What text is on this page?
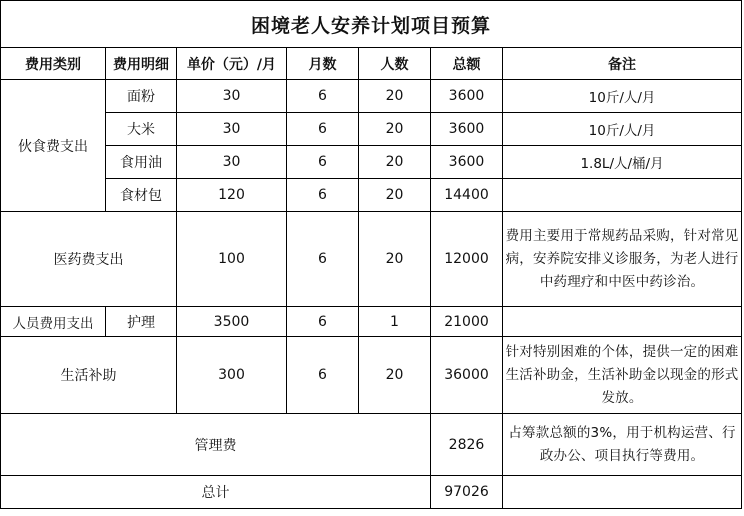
困境老人安养计划项目预算						
费用类别	费用明细	单价（元）/月	月数	人数	总额	备注
伙食费支出	面粉	30	6	20	3600	10斤/人/月
	大米	30	6	20	3600	10斤/人/月
	食用油	30	6	20	3600	1.8L/人/桶/月
	食材包	120	6	20	14400	
医药费支出		100	6	20	12000	费用主要用于常规药品采购，针对常见病，安养院安排义诊服务，为老人进行中药理疗和中医中药诊治。
人员费用支出	护理	3500	6	1	21000	
生活补助		300	6	20	36000	针对特别困难的个体，提供一定的困难生活补助金，生活补助金以现金的形式发放。
管理费					2826	占筹款总额的3%，用于机构运营、行政办公、项目执行等费用。
总计					97026	
